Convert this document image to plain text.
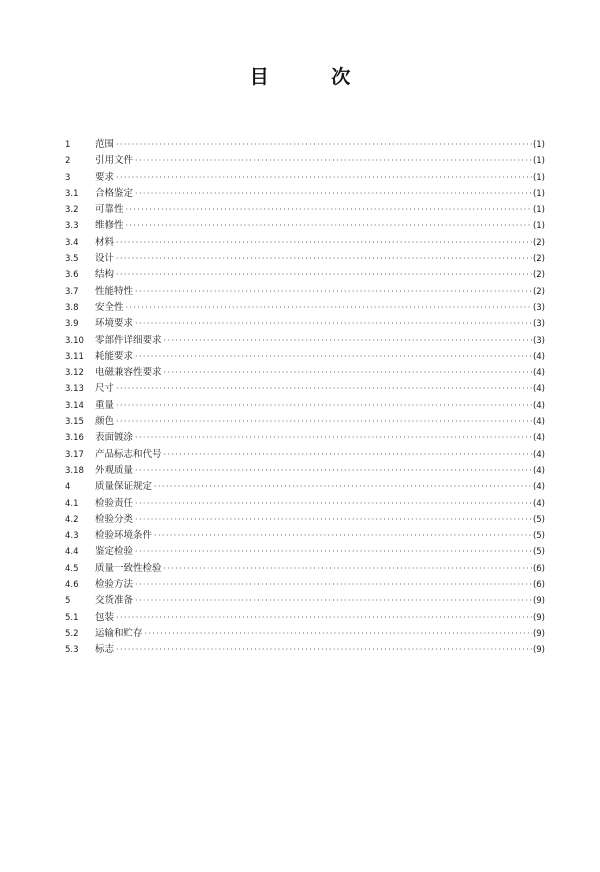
目 次
1	范围 ·····	(1)
2	引用文件 ·····	(1)
3	要求 ·····	(1)
3.1	合格鉴定 ·····	(1)
3.2	可靠性 ·····	(1)
3.3	维修性 ·····	(1)
3.4	材料 ·····	(2)
3.5	设计 ·····	(2)
3.6	结构 ·····	(2)
3.7	性能特性 ·····	(2)
3.8	安全性 ·····	(3)
3.9	环境要求 ·····	(3)
3.10	零部件详细要求 ·····	(3)
3.11	耗能要求 ·····	(4)
3.12	电磁兼容性要求 ·····	(4)
3.13	尺寸 ·····	(4)
3.14	重量 ·····	(4)
3.15	颜色 ·····	(4)
3.16	表面镀涂 ·····	(4)
3.17	产品标志和代号 ·····	(4)
3.18	外观质量 ·····	(4)
4	质量保证规定 ·····	(4)
4.1	检验责任 ·····	(4)
4.2	检验分类 ·····	(5)
4.3	检验环境条件 ·····	(5)
4.4	鉴定检验 ·····	(5)
4.5	质量一致性检验 ·····	(6)
4.6	检验方法 ·····	(6)
5	交货准备 ·····	(9)
5.1	包装 ·····	(9)
5.2	运输和贮存 ·····	(9)
5.3	标志 ·····	(9)
